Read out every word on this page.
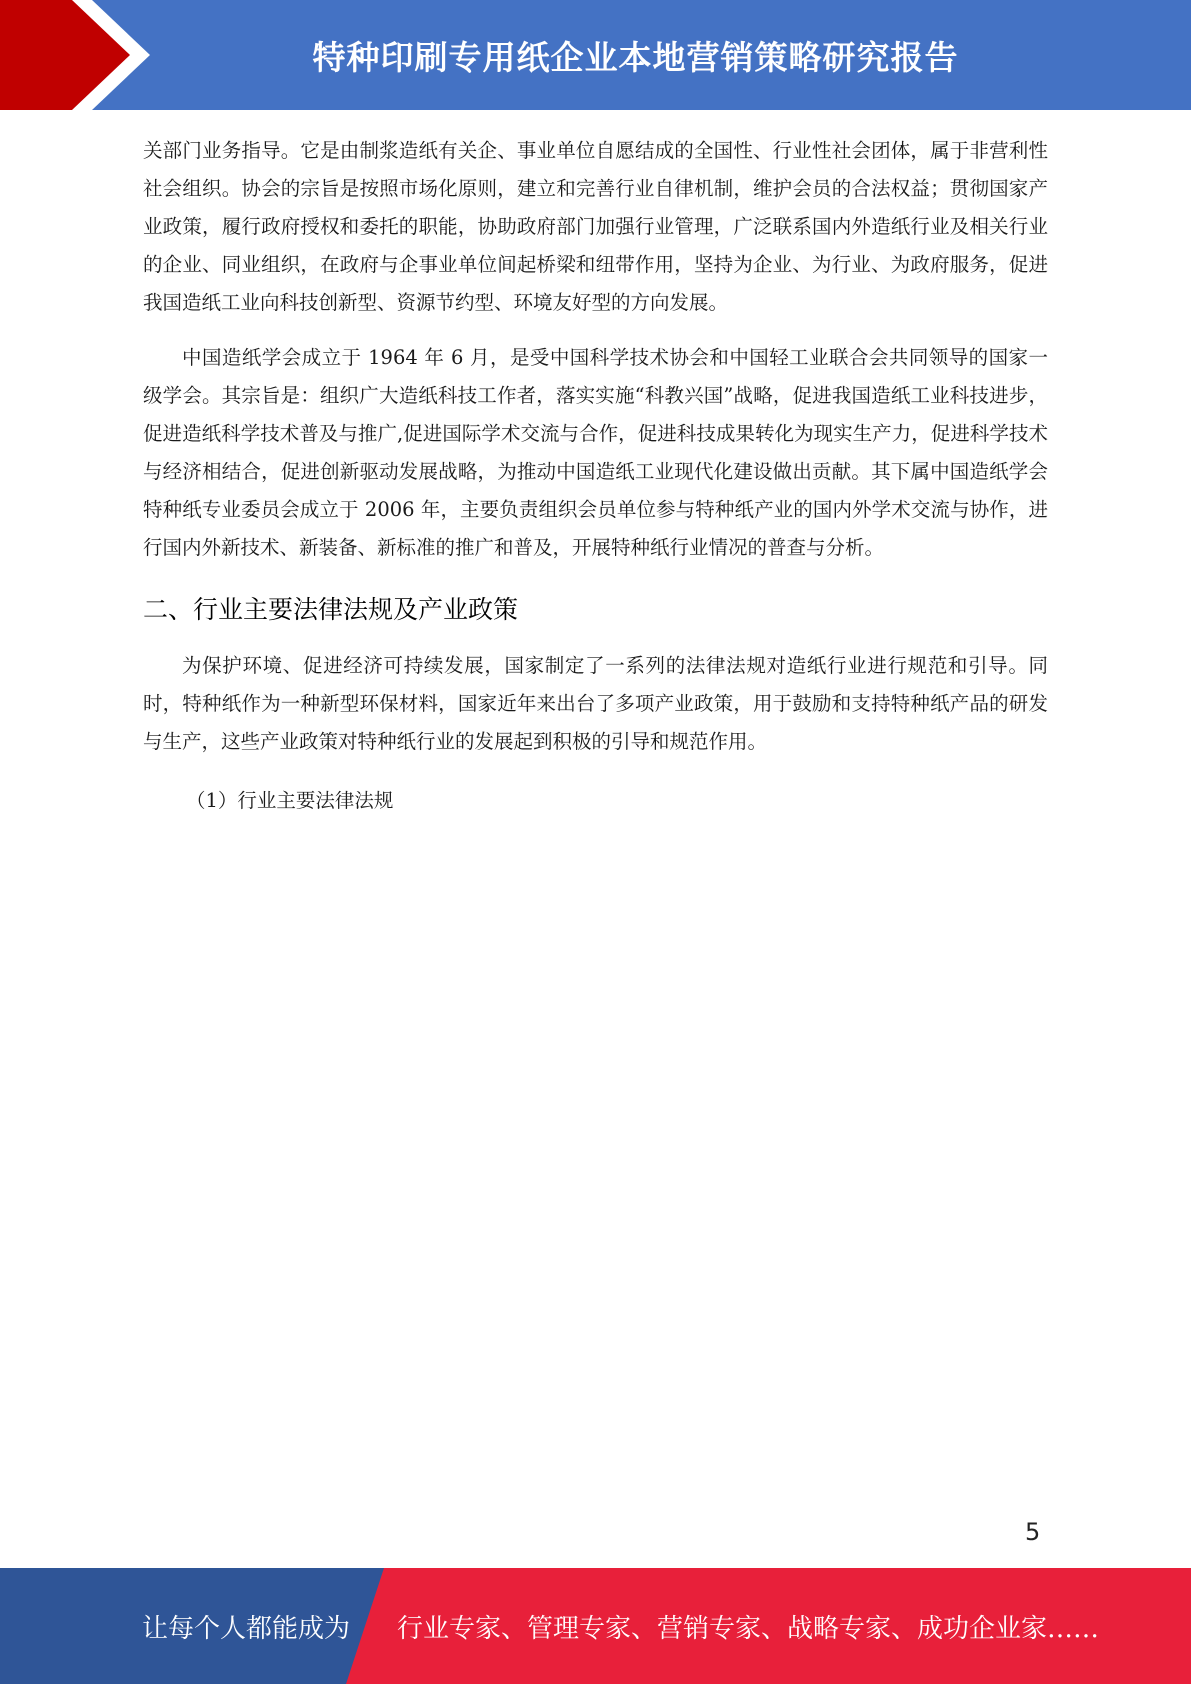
特种印刷专用纸企业本地营销策略研究报告

关部门业务指导。它是由制浆造纸有关企、事业单位自愿结成的全国性、行业性社会团体，属于非营利性社会组织。协会的宗旨是按照市场化原则，建立和完善行业自律机制，维护会员的合法权益；贯彻国家产业政策，履行政府授权和委托的职能，协助政府部门加强行业管理，广泛联系国内外造纸行业及相关行业的企业、同业组织，在政府与企事业单位间起桥梁和纽带作用，坚持为企业、为行业、为政府服务，促进我国造纸工业向科技创新型、资源节约型、环境友好型的方向发展。

中国造纸学会成立于 1964 年 6 月，是受中国科学技术协会和中国轻工业联合会共同领导的国家一级学会。其宗旨是：组织广大造纸科技工作者，落实实施“科教兴国”战略，促进我国造纸工业科技进步，促进造纸科学技术普及与推广,促进国际学术交流与合作，促进科技成果转化为现实生产力，促进科学技术与经济相结合，促进创新驱动发展战略，为推动中国造纸工业现代化建设做出贡献。其下属中国造纸学会特种纸专业委员会成立于 2006 年，主要负责组织会员单位参与特种纸产业的国内外学术交流与协作，进行国内外新技术、新装备、新标准的推广和普及，开展特种纸行业情况的普查与分析。

二、行业主要法律法规及产业政策

为保护环境、促进经济可持续发展，国家制定了一系列的法律法规对造纸行业进行规范和引导。同时，特种纸作为一种新型环保材料，国家近年来出台了多项产业政策，用于鼓励和支持特种纸产品的研发与生产，这些产业政策对特种纸行业的发展起到积极的引导和规范作用。

（1）行业主要法律法规

5
让每个人都能成为 行业专家、管理专家、营销专家、战略专家、成功企业家……
